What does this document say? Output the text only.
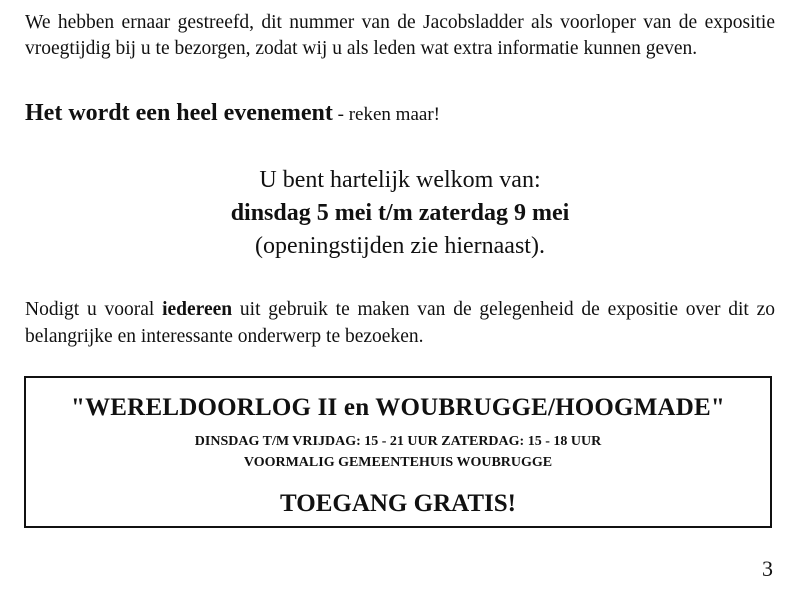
We hebben ernaar gestreefd, dit nummer van de Jacobsladder als voorloper van de expositie vroegtijdig bij u te bezorgen, zodat wij u als leden wat extra informatie kunnen geven.

Het wordt een heel evenement - reken maar!

U bent hartelijk welkom van:
dinsdag 5 mei t/m zaterdag 9 mei
(openingstijden zie hiernaast).

Nodigt u vooral iedereen uit gebruik te maken van de gelegenheid de expositie over dit zo belangrijke en interessante onderwerp te bezoeken.

"WERELDOORLOG II en WOUBRUGGE/HOOGMADE"
DINSDAG T/M VRIJDAG: 15 - 21 UUR ZATERDAG: 15 - 18 UUR
VOORMALIG GEMEENTEHUIS WOUBRUGGE
TOEGANG GRATIS!
3
